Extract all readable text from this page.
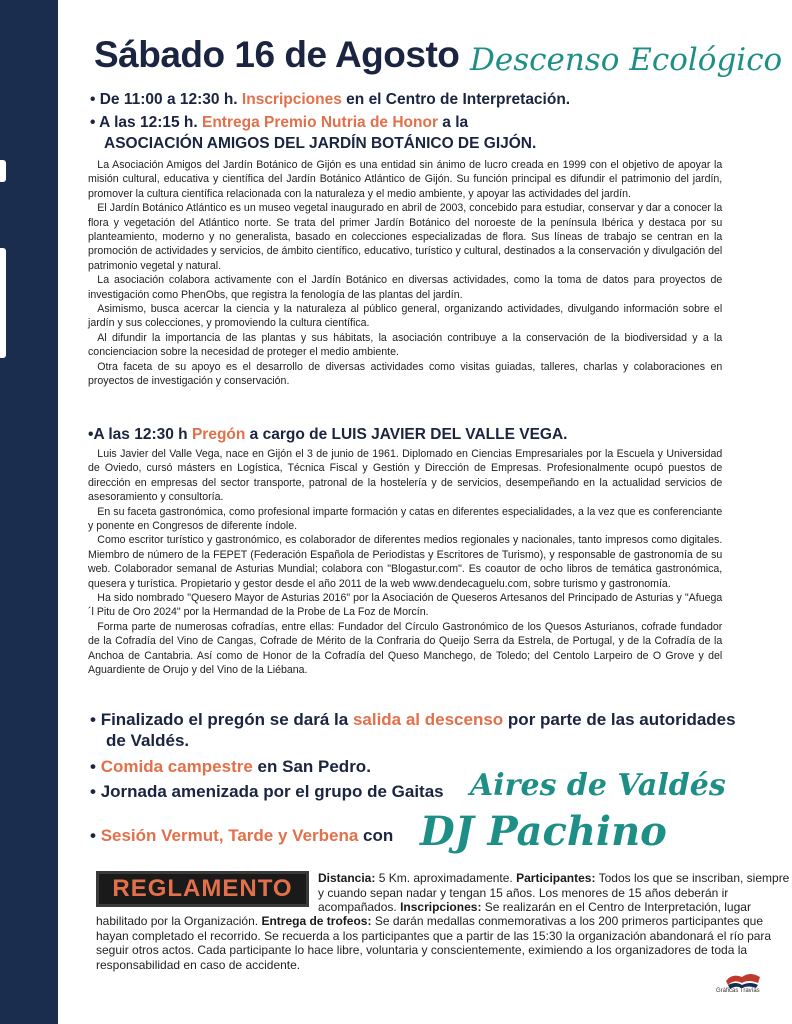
Sábado 16 de Agosto Descenso Ecológico
• De 11:00 a 12:30 h. Inscripciones en el Centro de Interpretación.
• A las 12:15 h. Entrega Premio Nutria de Honor a la
ASOCIACIÓN AMIGOS DEL JARDÍN BOTÁNICO DE GIJÓN.

La Asociación Amigos del Jardín Botánico de Gijón es una entidad sin ánimo de lucro creada en 1999 con el objetivo de apoyar la misión cultural, educativa y científica del Jardín Botánico Atlántico de Gijón. Su función principal es difundir el patrimonio del jardín, promover la cultura científica relacionada con la naturaleza y el medio ambiente, y apoyar las actividades del jardín.

El Jardín Botánico Atlántico es un museo vegetal inaugurado en abril de 2003, concebido para estudiar, conservar y dar a conocer la flora y vegetación del Atlántico norte. Se trata del primer Jardín Botánico del noroeste de la península Ibérica y destaca por su planteamiento, moderno y no generalista, basado en colecciones especializadas de flora. Sus líneas de trabajo se centran en la promoción de actividades y servicios, de ámbito científico, educativo, turístico y cultural, destinados a la conservación y divulgación del patrimonio vegetal y natural.

La asociación colabora activamente con el Jardín Botánico en diversas actividades, como la toma de datos para proyectos de investigación como PhenObs, que registra la fenología de las plantas del jardín.

Asimismo, busca acercar la ciencia y la naturaleza al público general, organizando actividades, divulgando información sobre el jardín y sus colecciones, y promoviendo la cultura científica.

Al difundir la importancia de las plantas y sus hábitats, la asociación contribuye a la conservación de la biodiversidad y a la concienciacion sobre la necesidad de proteger el medio ambiente.

Otra faceta de su apoyo es el desarrollo de diversas actividades como visitas guiadas, talleres, charlas y colaboraciones en proyectos de investigación y conservación.

•A las 12:30 h Pregón a cargo de LUIS JAVIER DEL VALLE VEGA.

Luis Javier del Valle Vega, nace en Gijón el 3 de junio de 1961. Diplomado en Ciencias Empresariales por la Escuela y Universidad de Oviedo, cursó másters en Logística, Técnica Fiscal y Gestión y Dirección de Empresas. Profesionalmente ocupó puestos de dirección en empresas del sector transporte, patronal de la hostelería y de servicios, desempeñando en la actualidad servicios de asesoramiento y consultoría.

En su faceta gastronómica, como profesional imparte formación y catas en diferentes especialidades, a la vez que es conferenciante y ponente en Congresos de diferente índole.

Como escritor turístico y gastronómico, es colaborador de diferentes medios regionales y nacionales, tanto impresos como digitales. Miembro de número de la FEPET (Federación Española de Periodistas y Escritores de Turismo), y responsable de gastronomía de su web. Colaborador semanal de Asturias Mundial; colabora con "Blogastur.com". Es coautor de ocho libros de temática gastronómica, quesera y turística. Propietario y gestor desde el año 2011 de la web www.dendecaguelu.com, sobre turismo y gastronomía.

Ha sido nombrado "Quesero Mayor de Asturias 2016" por la Asociación de Queseros Artesanos del Principado de Asturias y "Afuega´l Pitu de Oro 2024" por la Hermandad de la Probe de La Foz de Morcín.

Forma parte de numerosas cofradías, entre ellas: Fundador del Círculo Gastronómico de los Quesos Asturianos, cofrade fundador de la Cofradía del Vino de Cangas, Cofrade de Mérito de la Confraria do Queijo Serra da Estrela, de Portugal, y de la Cofradía de la Anchoa de Cantabria. Así como de Honor de la Cofradía del Queso Manchego, de Toledo; del Centolo Larpeiro de O Grove y del Aguardiente de Orujo y del Vino de la Liébana.

• Finalizado el pregón se dará la salida al descenso por parte de las autoridades
de Valdés.
• Comida campestre en San Pedro.
• Jornada amenizada por el grupo de Gaitas Aires de Valdés
• Sesión Vermut, Tarde y Verbena con DJ Pachino
REGLAMENTO	Distancia: 5 Km. aproximadamente. Participantes: Todos los que se inscriban, siempre
y cuando sepan nadar y tengan 15 años. Los menores de 15 años deberán ir
acompañados. Inscripciones: Se realizarán en el Centro de Interpretación, lugar
habilitado por la Organización. Entrega de trofeos: Se darán medallas conmemorativas a los 200 primeros participantes que
hayan completado el recorrido. Se recuerda a los participantes que a partir de las 15:30 la organización abandonará el río para
seguir otros actos. Cada participante lo hace libre, voluntaria y conscientemente, eximiendo a los organizadores de toda la
responsabilidad en caso de accidente.
Gráficas Travías
